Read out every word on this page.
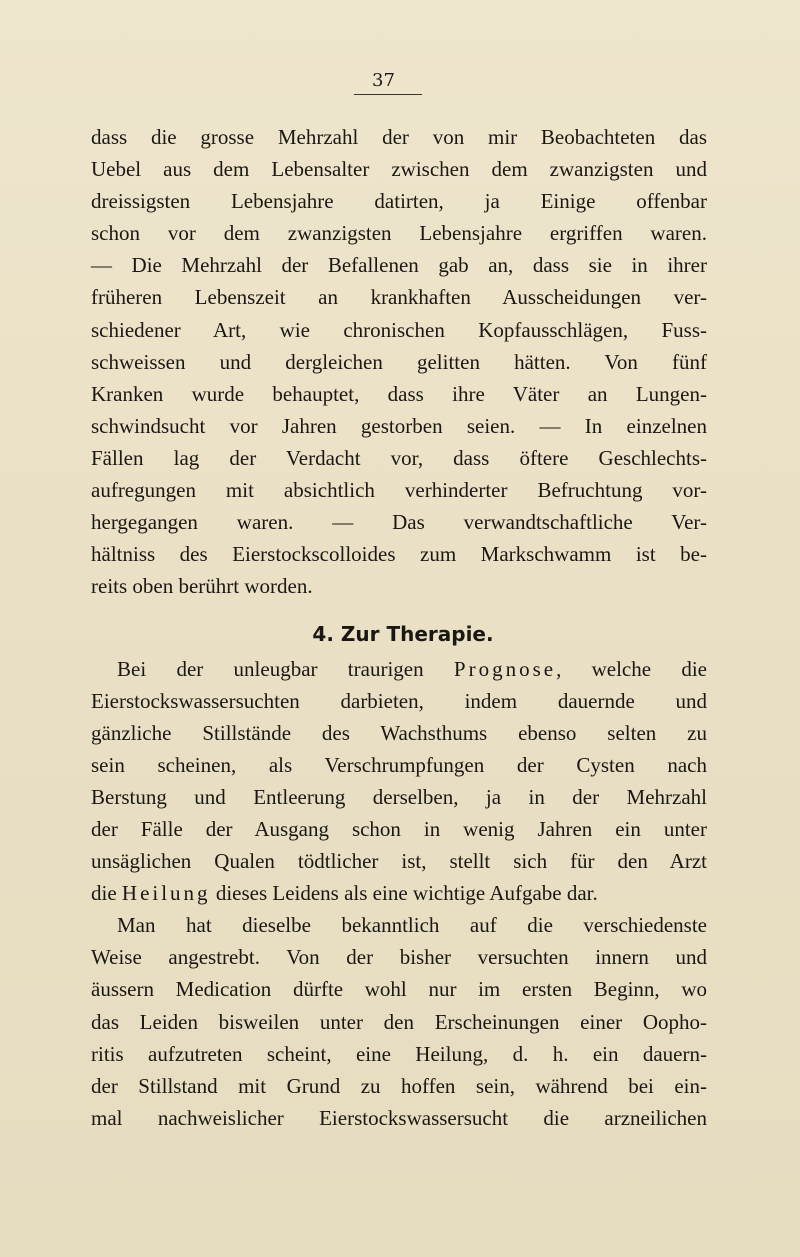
37
dass die grosse Mehrzahl der von mir Beobachteten das
Uebel aus dem Lebensalter zwischen dem zwanzigsten und
dreissigsten Lebensjahre datirten, ja Einige offenbar
schon vor dem zwanzigsten Lebensjahre ergriffen waren.
— Die Mehrzahl der Befallenen gab an, dass sie in ihrer
früheren Lebenszeit an krankhaften Ausscheidungen ver-
schiedener Art, wie chronischen Kopfausschlägen, Fuss-
schweissen und dergleichen gelitten hätten. Von fünf
Kranken wurde behauptet, dass ihre Väter an Lungen-
schwindsucht vor Jahren gestorben seien. — In einzelnen
Fällen lag der Verdacht vor, dass öftere Geschlechts-
aufregungen mit absichtlich verhinderter Befruchtung vor-
hergegangen waren. — Das verwandtschaftliche Ver-
hältniss des Eierstockscolloides zum Markschwamm ist be-
reits oben berührt worden.
4. Zur Therapie.
Bei der unleugbar traurigen Prognose, welche die
Eierstockswassersuchten darbieten, indem dauernde und
gänzliche Stillstände des Wachsthums ebenso selten zu
sein scheinen, als Verschrumpfungen der Cysten nach
Berstung und Entleerung derselben, ja in der Mehrzahl
der Fälle der Ausgang schon in wenig Jahren ein unter
unsäglichen Qualen tödtlicher ist, stellt sich für den Arzt
die Heilung dieses Leidens als eine wichtige Aufgabe dar.
Man hat dieselbe bekanntlich auf die verschiedenste
Weise angestrebt. Von der bisher versuchten innern und
äussern Medication dürfte wohl nur im ersten Beginn, wo
das Leiden bisweilen unter den Erscheinungen einer Oopho-
ritis aufzutreten scheint, eine Heilung, d. h. ein dauern-
der Stillstand mit Grund zu hoffen sein, während bei ein-
mal nachweislicher Eierstockswassersucht die arzneilichen
